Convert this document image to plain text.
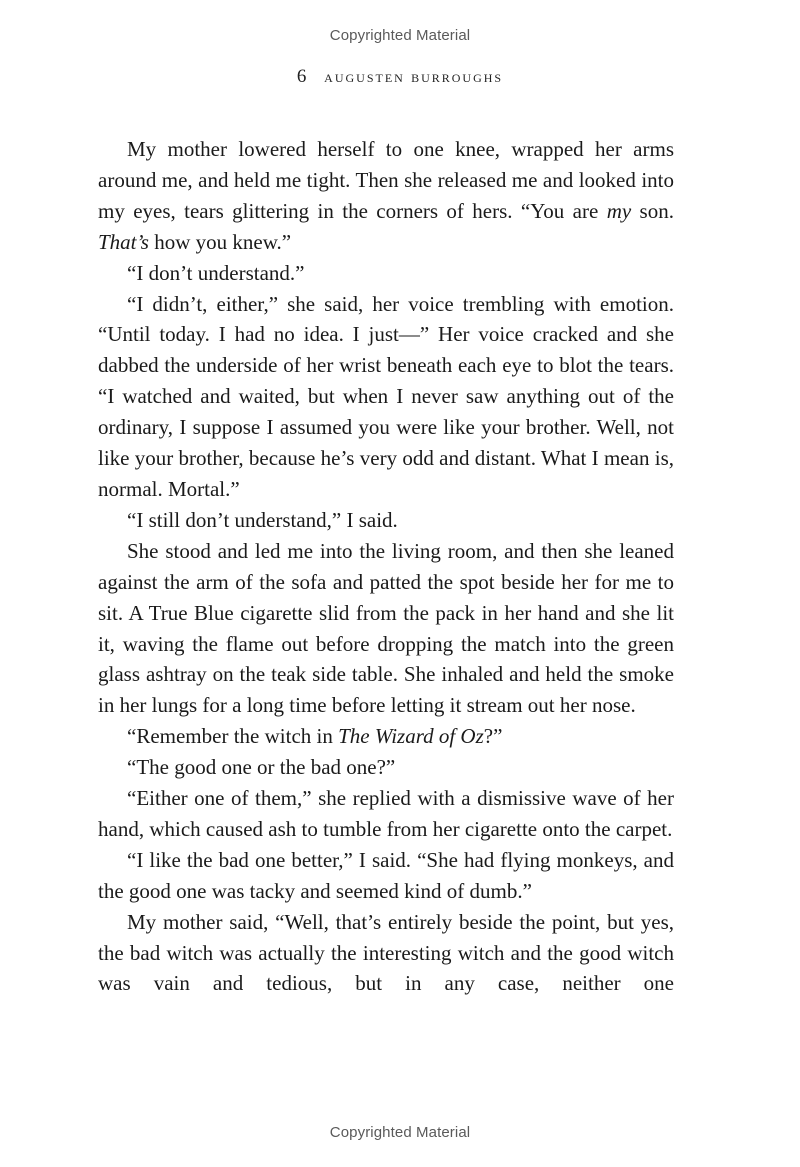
Copyrighted Material
6 augusten burroughs

My mother lowered herself to one knee, wrapped her arms around me, and held me tight. Then she released me and looked into my eyes, tears glittering in the corners of hers. “You are my son. That’s how you knew.”

“I don’t understand.”

“I didn’t, either,” she said, her voice trembling with emotion. “Until today. I had no idea. I just—” Her voice cracked and she dabbed the underside of her wrist beneath each eye to blot the tears. “I watched and waited, but when I never saw anything out of the ordinary, I suppose I assumed you were like your brother. Well, not like your brother, because he’s very odd and distant. What I mean is, normal. Mortal.”

“I still don’t understand,” I said.

She stood and led me into the living room, and then she leaned against the arm of the sofa and patted the spot beside her for me to sit. A True Blue cigarette slid from the pack in her hand and she lit it, waving the flame out before dropping the match into the green glass ashtray on the teak side table. She inhaled and held the smoke in her lungs for a long time before letting it stream out her nose.

“Remember the witch in The Wizard of Oz?”

“The good one or the bad one?”

“Either one of them,” she replied with a dismissive wave of her hand, which caused ash to tumble from her cigarette onto the carpet.

“I like the bad one better,” I said. “She had flying monkeys, and the good one was tacky and seemed kind of dumb.”

My mother said, “Well, that’s entirely beside the point, but yes, the bad witch was actually the interesting witch and the good witch was vain and tedious, but in any case, neither one

Copyrighted Material
